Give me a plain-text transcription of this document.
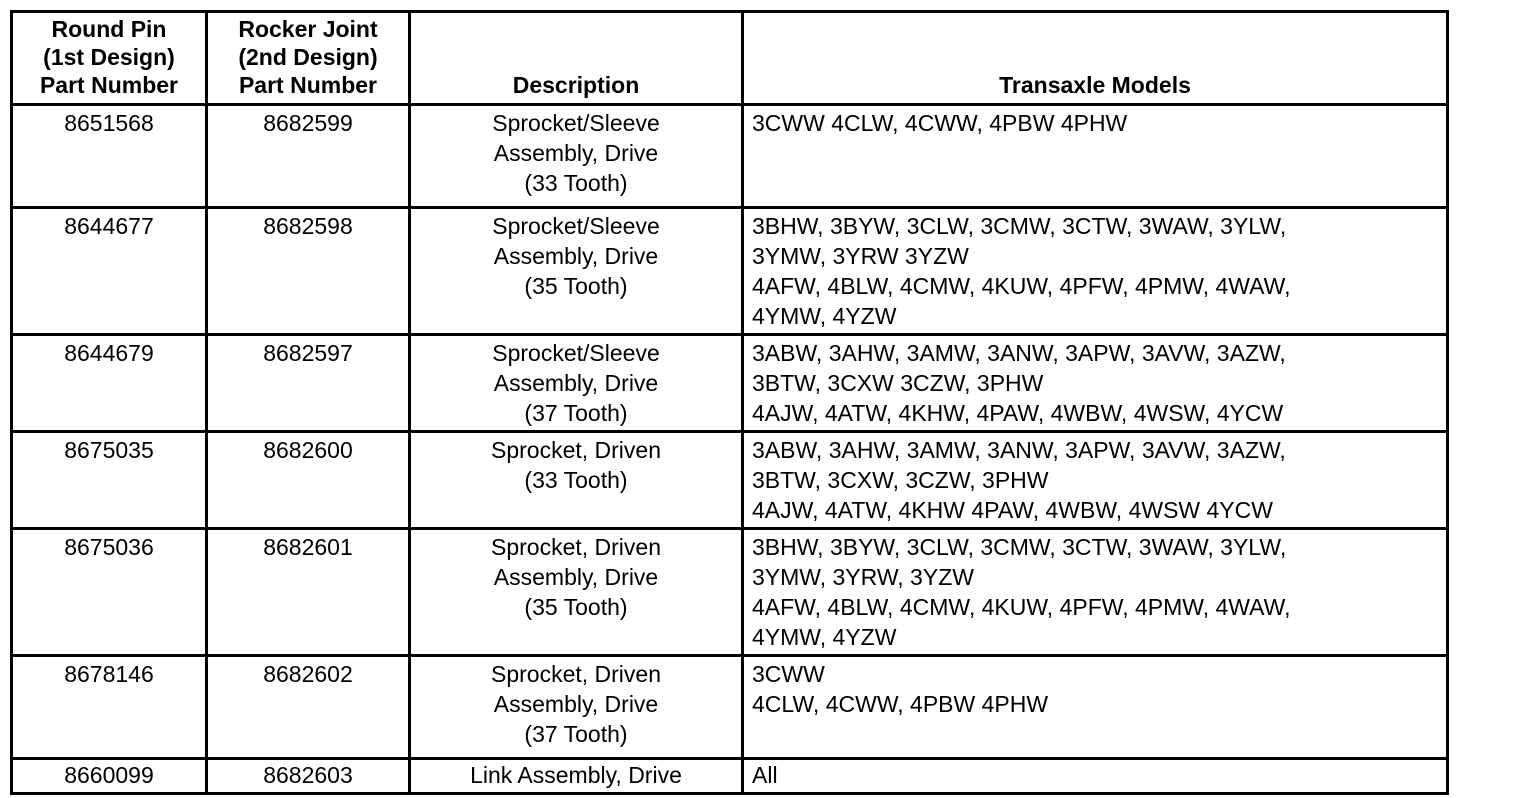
Round Pin
(1st Design)
Part Number	Rocker Joint
(2nd Design)
Part Number	Description	Transaxle Models

8651568	8682599	Sprocket/Sleeve
Assembly, Drive
(33 Tooth)	3CWW 4CLW, 4CWW, 4PBW 4PHW

8644677	8682598	Sprocket/Sleeve
Assembly, Drive
(35 Tooth)	3BHW, 3BYW, 3CLW, 3CMW, 3CTW, 3WAW, 3YLW,
3YMW, 3YRW 3YZW
4AFW, 4BLW, 4CMW, 4KUW, 4PFW, 4PMW, 4WAW,
4YMW, 4YZW

8644679	8682597	Sprocket/Sleeve
Assembly, Drive
(37 Tooth)	3ABW, 3AHW, 3AMW, 3ANW, 3APW, 3AVW, 3AZW,
3BTW, 3CXW 3CZW, 3PHW
4AJW, 4ATW, 4KHW, 4PAW, 4WBW, 4WSW, 4YCW

8675035	8682600	Sprocket, Driven
(33 Tooth)	3ABW, 3AHW, 3AMW, 3ANW, 3APW, 3AVW, 3AZW,
3BTW, 3CXW, 3CZW, 3PHW
4AJW, 4ATW, 4KHW 4PAW, 4WBW, 4WSW 4YCW

8675036	8682601	Sprocket, Driven
Assembly, Drive
(35 Tooth)	3BHW, 3BYW, 3CLW, 3CMW, 3CTW, 3WAW, 3YLW,
3YMW, 3YRW, 3YZW
4AFW, 4BLW, 4CMW, 4KUW, 4PFW, 4PMW, 4WAW,
4YMW, 4YZW

8678146	8682602	Sprocket, Driven
Assembly, Drive
(37 Tooth)	3CWW
4CLW, 4CWW, 4PBW 4PHW

8660099	8682603	Link Assembly, Drive	All
